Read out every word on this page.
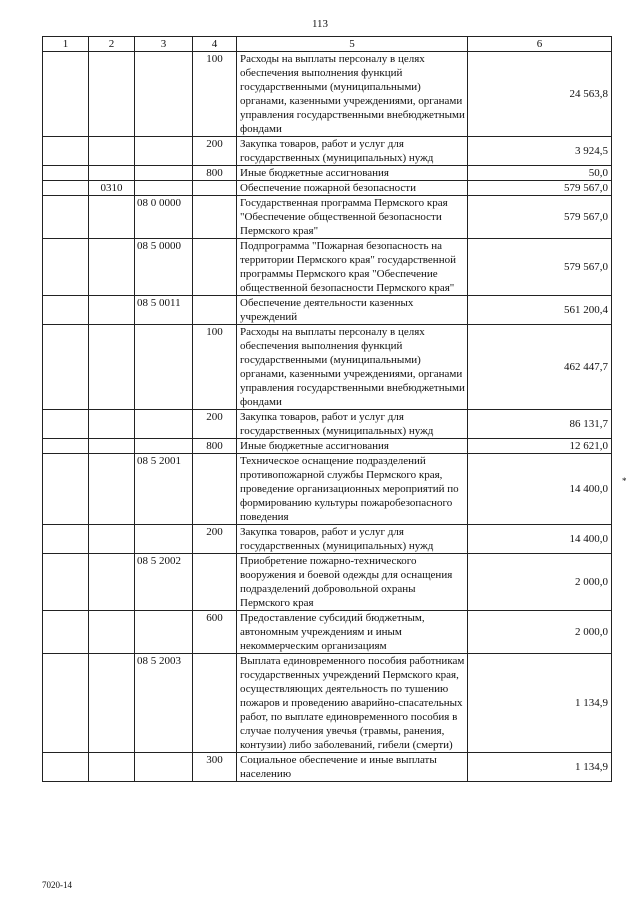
113
1	2	3	4	5	6
			100	Расходы на выплаты персоналу в целях обеспечения выполнения функций государственными (муниципальными) органами, казенными учреждениями, органами управления государственными внебюджетными фондами	24 563,8
			200	Закупка товаров, работ и услуг для государственных (муниципальных) нужд	3 924,5
			800	Иные бюджетные ассигнования	50,0
	0310			Обеспечение пожарной безопасности	579 567,0
		08 0 0000		Государственная программа Пермского края "Обеспечение общественной безопасности Пермского края"	579 567,0
		08 5 0000		Подпрограмма "Пожарная безопасность на территории Пермского края" государственной программы Пермского края "Обеспечение общественной безопасности Пермского края"	579 567,0
		08 5 0011		Обеспечение деятельности казенных учреждений	561 200,4
			100	Расходы на выплаты персоналу в целях обеспечения выполнения функций государственными (муниципальными) органами, казенными учреждениями, органами управления государственными внебюджетными фондами	462 447,7
			200	Закупка товаров, работ и услуг для государственных (муниципальных) нужд	86 131,7
			800	Иные бюджетные ассигнования	12 621,0
		08 5 2001		Техническое оснащение подразделений противопожарной службы Пермского края, проведение организационных мероприятий по формированию культуры пожаробезопасного поведения	14 400,0
			200	Закупка товаров, работ и услуг для государственных (муниципальных) нужд	14 400,0
		08 5 2002		Приобретение пожарно-технического вооружения и боевой одежды для оснащения подразделений добровольной охраны Пермского края	2 000,0
			600	Предоставление субсидий бюджетным, автономным учреждениям и иным некоммерческим организациям	2 000,0
		08 5 2003		Выплата единовременного пособия работникам государственных учреждений Пермского края, осуществляющих деятельность по тушению пожаров и проведению аварийно-спасательных работ, по выплате единовременного пособия в случае получения увечья (травмы, ранения, контузии) либо заболеваний, гибели (смерти)	1 134,9
			300	Социальное обеспечение и иные выплаты населению	1 134,9
*
7020-14
